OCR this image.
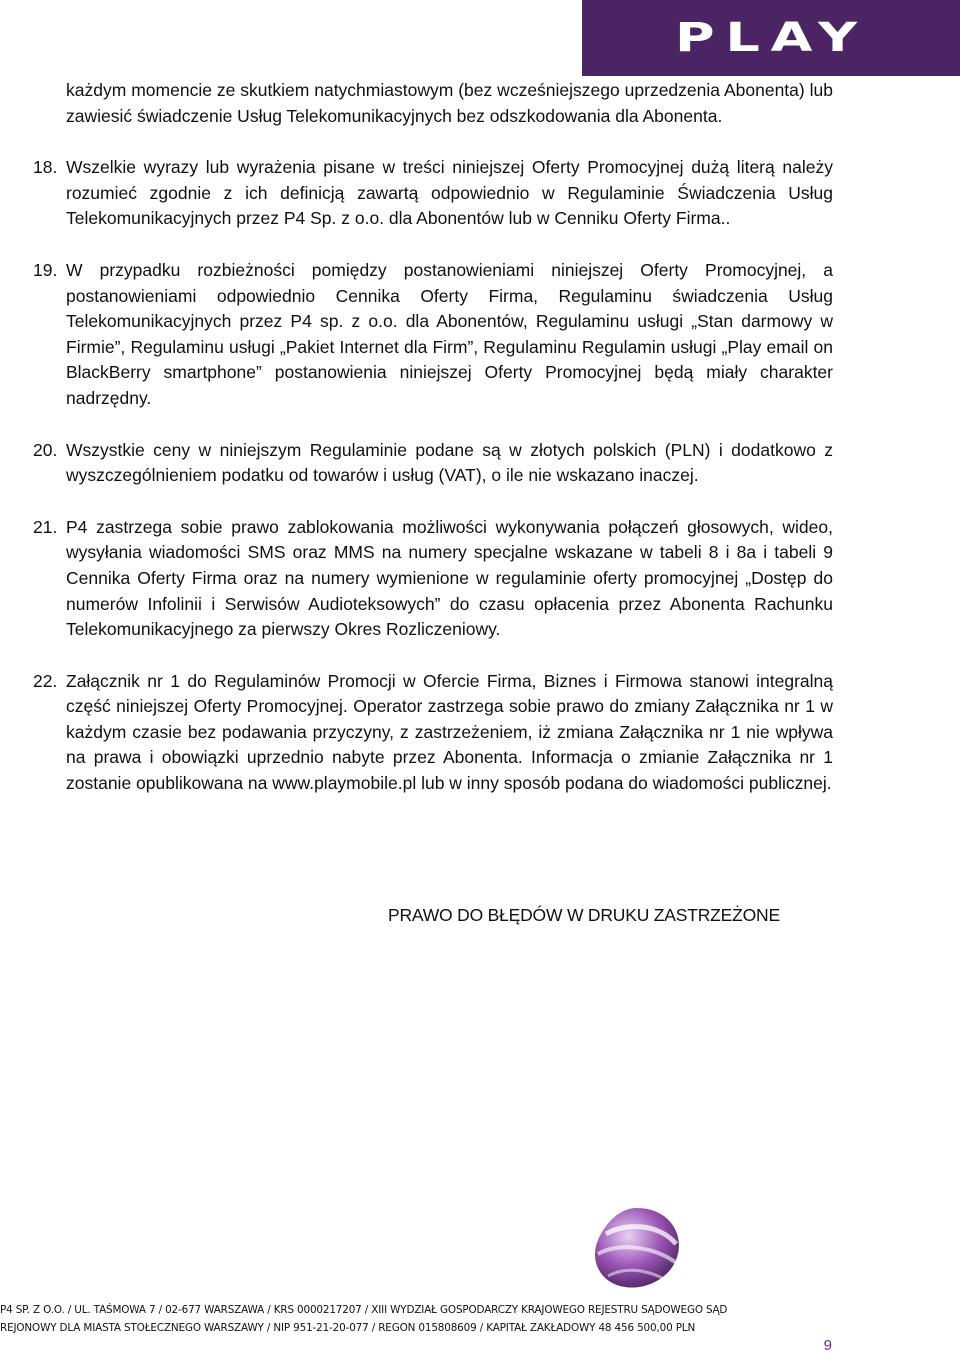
PLAY
każdym momencie ze skutkiem natychmiastowym (bez wcześniejszego uprzedzenia Abonenta) lub zawiesić świadczenie Usług Telekomunikacyjnych bez odszkodowania dla Abonenta.
18. Wszelkie wyrazy lub wyrażenia pisane w treści niniejszej Oferty Promocyjnej dużą literą należy rozumieć zgodnie z ich definicją zawartą odpowiednio w Regulaminie Świadczenia Usług Telekomunikacyjnych przez P4 Sp. z o.o. dla Abonentów lub w Cenniku Oferty Firma..
19. W przypadku rozbieżności pomiędzy postanowieniami niniejszej Oferty Promocyjnej, a postanowieniami odpowiednio Cennika Oferty Firma, Regulaminu świadczenia Usług Telekomunikacyjnych przez P4 sp. z o.o. dla Abonentów, Regulaminu usługi „Stan darmowy w Firmie”, Regulaminu usługi „Pakiet Internet dla Firm”, Regulaminu Regulamin usługi „Play email on BlackBerry smartphone” postanowienia niniejszej Oferty Promocyjnej będą miały charakter nadrzędny.
20. Wszystkie ceny w niniejszym Regulaminie podane są w złotych polskich (PLN) i dodatkowo z wyszczególnieniem podatku od towarów i usług (VAT), o ile nie wskazano inaczej.
21. P4 zastrzega sobie prawo zablokowania możliwości wykonywania połączeń głosowych, wideo, wysyłania wiadomości SMS oraz MMS na numery specjalne wskazane w tabeli 8 i 8a i tabeli 9 Cennika Oferty Firma oraz na numery wymienione w regulaminie oferty promocyjnej „Dostęp do numerów Infolinii i Serwisów Audioteksowych” do czasu opłacenia przez Abonenta Rachunku Telekomunikacyjnego za pierwszy Okres Rozliczeniowy.
22. Załącznik nr 1 do Regulaminów Promocji w Ofercie Firma, Biznes i Firmowa stanowi integralną część niniejszej Oferty Promocyjnej. Operator zastrzega sobie prawo do zmiany Załącznika nr 1 w każdym czasie bez podawania przyczyny, z zastrzeżeniem, iż zmiana Załącznika nr 1 nie wpływa na prawa i obowiązki uprzednio nabyte przez Abonenta. Informacja o zmianie Załącznika nr 1 zostanie opublikowana na www.playmobile.pl lub w inny sposób podana do wiadomości publicznej.
PRAWO DO BŁĘDÓW W DRUKU ZASTRZEŻONE
P4 SP. Z O.O. / UL. TAŚMOWA 7 / 02-677 WARSZAWA / KRS 0000217207 / XIII WYDZIAŁ GOSPODARCZY KRAJOWEGO REJESTRU SĄDOWEGO SĄD
REJONOWY DLA MIASTA STOŁECZNEGO WARSZAWY / NIP 951-21-20-077 / REGON 015808609 / KAPITAŁ ZAKŁADOWY 48 456 500,00 PLN
9
